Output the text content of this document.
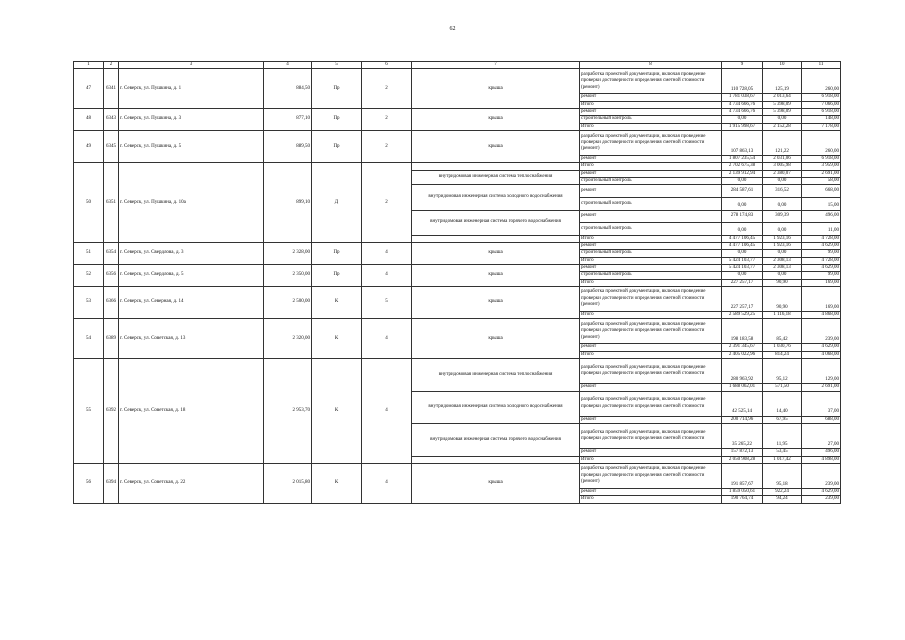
62
1	2	3	4	5	6	7	8	9	10	11
47	6341	г. Северск, ул. Пушкина, д. 1	884,50	Пр	2	крыша	разработка проектной документации, включая проведение проверки достоверности определения сметной стоимости (ремонт)	110 728,05	125,19	260,00
							ремонт	1 781 038,67	2 013,64	6 918,00
							Итого	4 734 666,76	5 398,09	7 066,00
48	6343	г. Северск, ул. Пушкина, д. 3	877,10	Пр	2	крыша	ремонт	4 734 666,76	5 398,09	6 918,00
							строительный контроль	0,00	0,00	148,00
							Итого	1 915 998,67	2 152,28	7 178,00
49	6345	г. Северск, ул. Пушкина, д. 5	889,50	Пр	2	крыша	разработка проектной документации, включая проведение проверки достоверности определения сметной стоимости (ремонт)	107 863,13	121,22	260,00
							ремонт	1 807 235,54	2 031,06	6 918,00
50	6351	г. Северск, ул. Пушкина, д. 10а	899,10	Д	2		Итого	2 702 675,38	3 005,98	3 959,00
						внутридомовая инженерная система теплоснабжения	ремонт	2 139 912,94	2 380,07	2 691,00
							строительный контроль	0,00	0,00	58,00
						внутридомовая инженерная система холодного водоснабжения	ремонт	284 587,61	316,52	668,00
							строительный контроль	0,00	0,00	15,00
						внутридомовая инженерная система горячего водоснабжения	ремонт	278 174,83	309,39	496,00
							строительный контроль	0,00	0,00	11,00
							Итого	4 477 106,45	1 923,16	4 728,00
51	6354	г. Северск, ул. Свердлова, д. 3	2 328,00	Пр	4	крыша	ремонт	4 477 106,45	1 923,16	4 629,00
							строительный контроль	0,00	0,00	99,00
							Итого	5 424 103,77	2 308,13	4 728,00
52	6356	г. Северск, ул. Свердлова, д. 5	2 350,00	Пр	4	крыша	ремонт	5 424 103,77	2 308,13	4 629,00
							строительный контроль	0,00	0,00	99,00
							Итого	227 257,17	90,90	169,00
53	6366	г. Северск, ул. Северная, д. 14	2 500,00	К	5	крыша	разработка проектной документации, включая проведение проверки достоверности определения сметной стоимости (ремонт)	227 257,17	90,90	169,00
							Итого	2 589 529,25	1 116,18	4 868,00
54	6389	г. Северск, ул. Советская, д. 13	2 320,00	К	4	крыша	разработка проектной документации, включая проведение проверки достоверности определения сметной стоимости (ремонт)	198 183,58	85,42	239,00
							ремонт	2 391 345,67	1 030,76	4 629,00
							Итого	2 405 022,96	814,24	4 068,00
55	6392	г. Северск, ул. Советская, д. 18	2 953,70	К	4	внутридомовая инженерная система теплоснабжения	разработка проектной документации, включая проведение проверки достоверности определения сметной стоимости	280 963,92	95,12	129,00
							ремонт	1 688 062,01	571,50	2 691,00
						внутридомовая инженерная система холодного водоснабжения	разработка проектной документации, включая проведение проверки достоверности определения сметной стоимости	42 525,14	14,40	37,00
							ремонт	200 714,96	67,95	688,00
						внутридомовая инженерная система горячего водоснабжения	разработка проектной документации, включая проведение проверки достоверности определения сметной стоимости	35 265,22	11,95	27,00
							ремонт	157 872,13	53,45	496,00
							Итого	2 050 908,28	1 017,42	4 898,00
56	6394	г. Северск, ул. Советская, д. 22	2 015,80	К	4	крыша	разработка проектной документации, включая проведение проверки достоверности определения сметной стоимости (ремонт)	191 857,67	95,18	239,00
							ремонт	1 859 050,61	922,24	4 629,00
							Итого	190 764,74	94,24	239,00
